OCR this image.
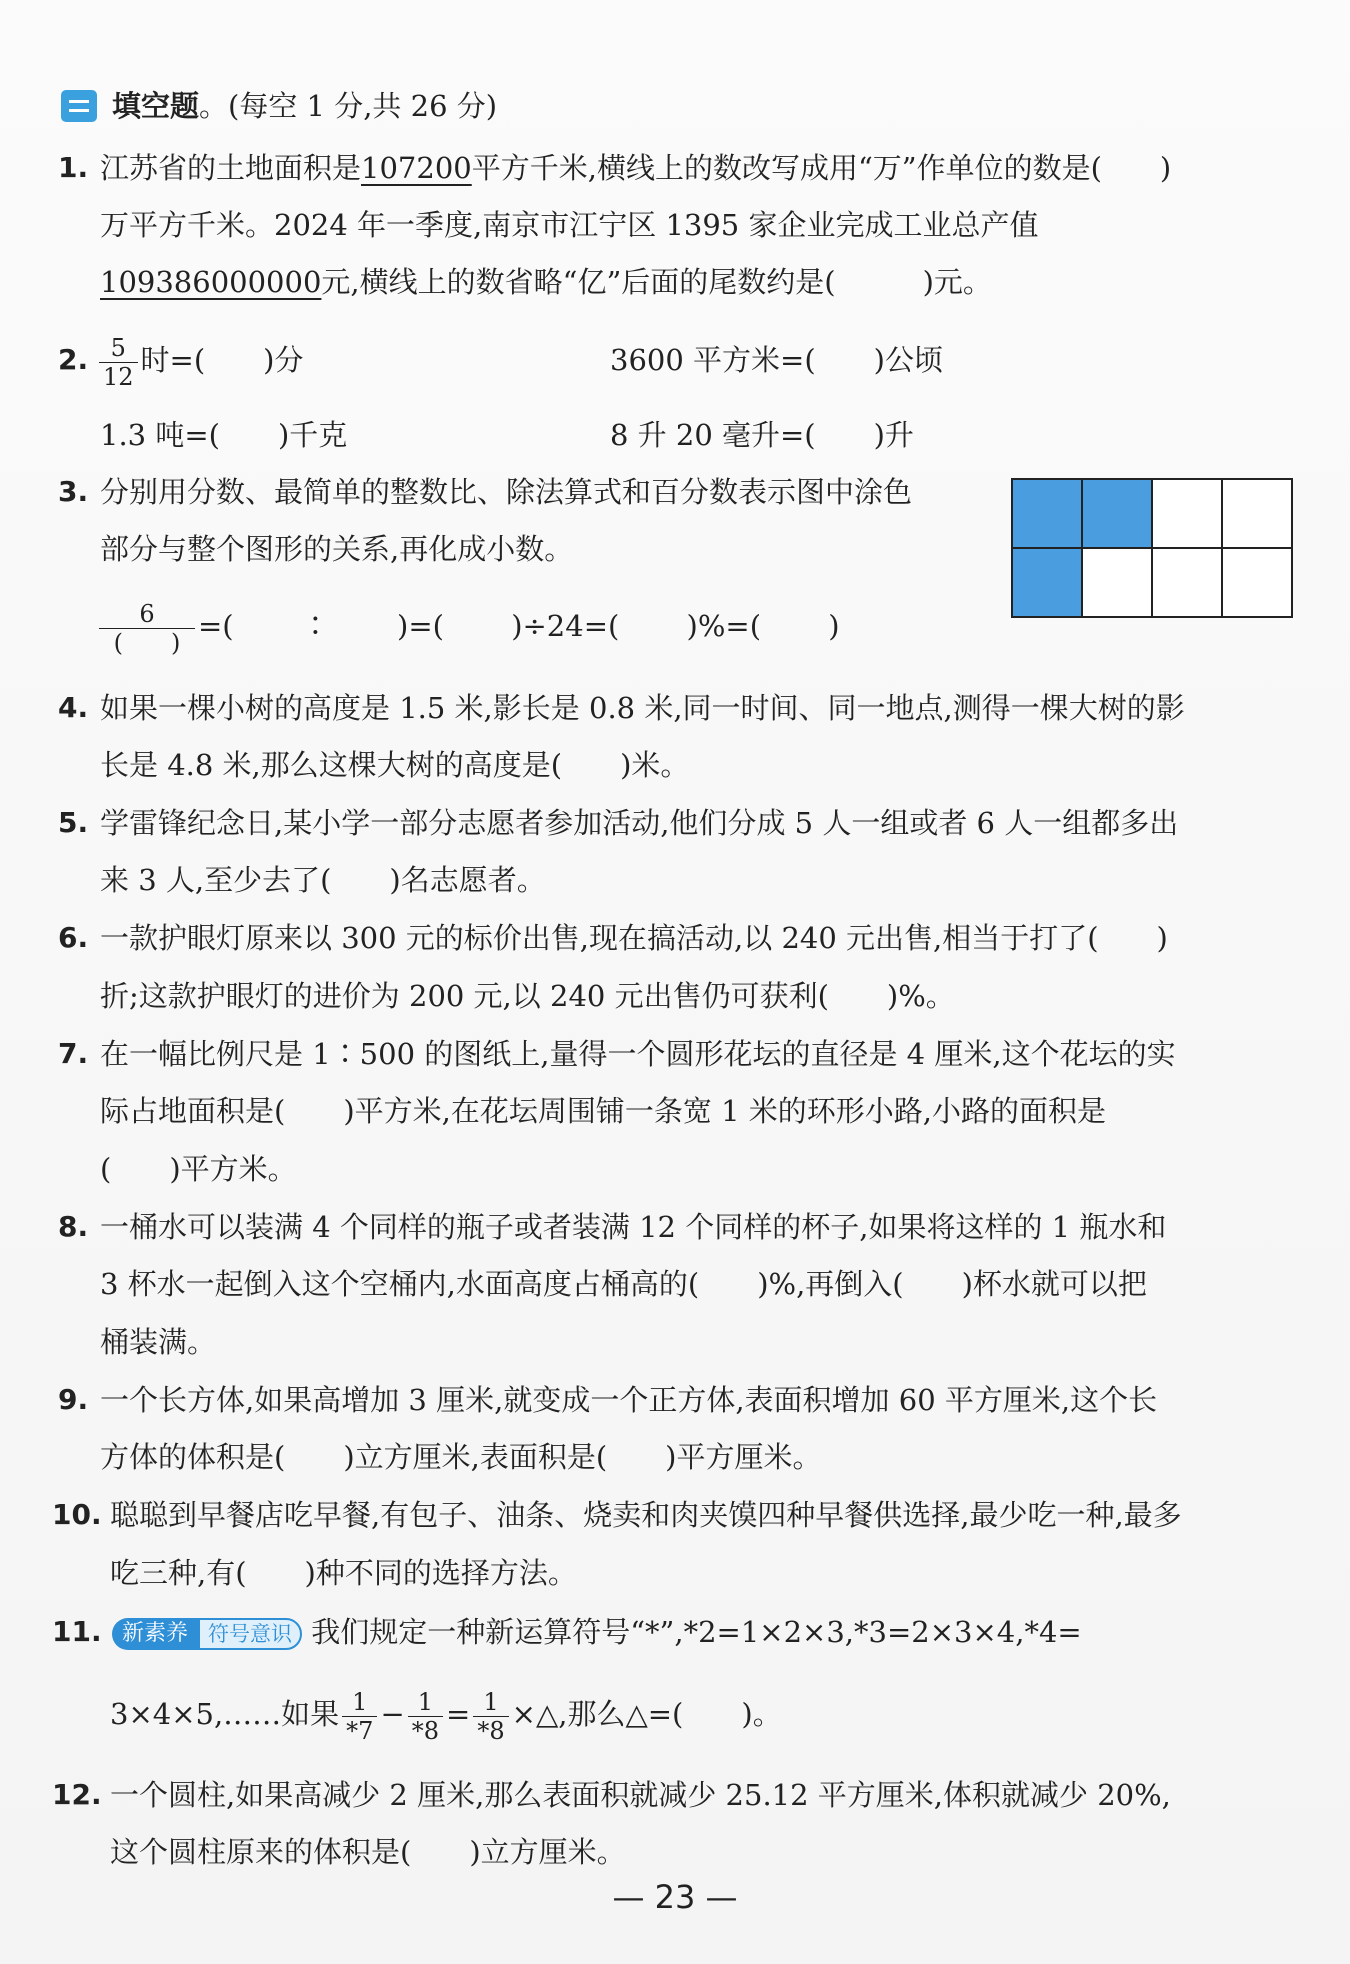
填空题。(每空 1 分,共 26 分)
1. 江苏省的土地面积是107200平方千米,横线上的数改写成用“万”作单位的数是(　　)
万平方千米。2024 年一季度,南京市江宁区 1395 家企业完成工业总产值
109386000000元,横线上的数省略“亿”后面的尾数约是(　　　)元。
2. $\frac{5}{12}$ 时=(　　)分	3600 平方米=(　　)公顷
1.3 吨=(　　)千克	8 升 20 毫升=(　　)升
3. 分别用分数、最简单的整数比、除法算式和百分数表示图中涂色
部分与整个图形的关系,再化成小数。
$\frac{6}{( )}$ =(　　 ∶　　 )=(　　 )÷24=(　　 )%=(　　 )
4. 如果一棵小树的高度是 1.5 米,影长是 0.8 米,同一时间、同一地点,测得一棵大树的影
长是 4.8 米,那么这棵大树的高度是(　　)米。
5. 学雷锋纪念日,某小学一部分志愿者参加活动,他们分成 5 人一组或者 6 人一组都多出
来 3 人,至少去了(　　)名志愿者。
6. 一款护眼灯原来以 300 元的标价出售,现在搞活动,以 240 元出售,相当于打了(　　)
折;这款护眼灯的进价为 200 元,以 240 元出售仍可获利(　　)%。
7. 在一幅比例尺是 1∶500 的图纸上,量得一个圆形花坛的直径是 4 厘米,这个花坛的实
际占地面积是(　　)平方米,在花坛周围铺一条宽 1 米的环形小路,小路的面积是
(　　)平方米。
8. 一桶水可以装满 4 个同样的瓶子或者装满 12 个同样的杯子,如果将这样的 1 瓶水和
3 杯水一起倒入这个空桶内,水面高度占桶高的(　　)%,再倒入(　　)杯水就可以把
桶装满。
9. 一个长方体,如果高增加 3 厘米,就变成一个正方体,表面积增加 60 平方厘米,这个长
方体的体积是(　　)立方厘米,表面积是(　　)平方厘米。
10. 聪聪到早餐店吃早餐,有包子、油条、烧卖和肉夹馍四种早餐供选择,最少吃一种,最多
吃三种,有(　　)种不同的选择方法。
11. 新素养 符号意识 我们规定一种新运算符号“*”,*2=1×2×3,*3=2×3×4,*4=
3×4×5,……如果 $\frac{1}{*7} - \frac{1}{*8} = \frac{1}{*8}$ ×△,那么△=(　　)。
12. 一个圆柱,如果高减少 2 厘米,那么表面积就减少 25.12 平方厘米,体积就减少 20%,
这个圆柱原来的体积是(　　)立方厘米。
— 23 —
